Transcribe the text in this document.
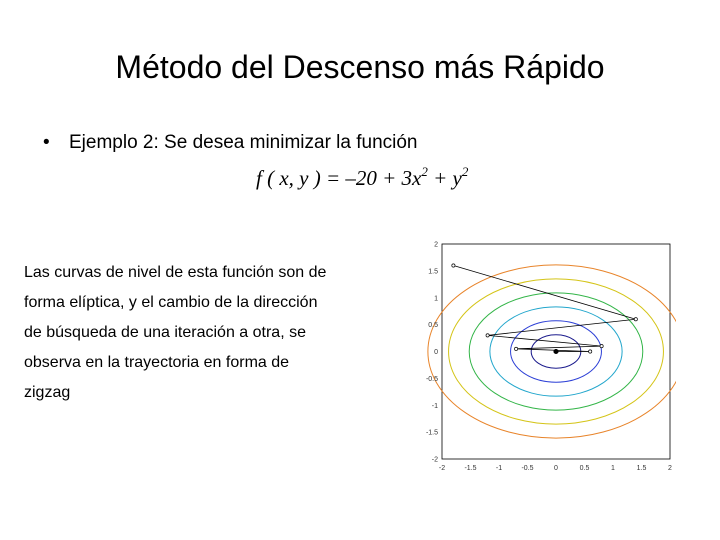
Método del Descenso más Rápido
• Ejemplo 2: Se desea minimizar la función
f ( x, y ) = $-20 + 3x^2 + y^2$
Las curvas de nivel de esta función son de
forma elíptica, y el cambio de la dirección
de búsqueda de una iteración a otra, se
observa en la trayectoria en forma de
zigzag
-2	-1.5	-1	-0.5	0	0.5	1	1.5	2
2
1.5
1
0.5
0
-0.5
-1
-1.5
-2
